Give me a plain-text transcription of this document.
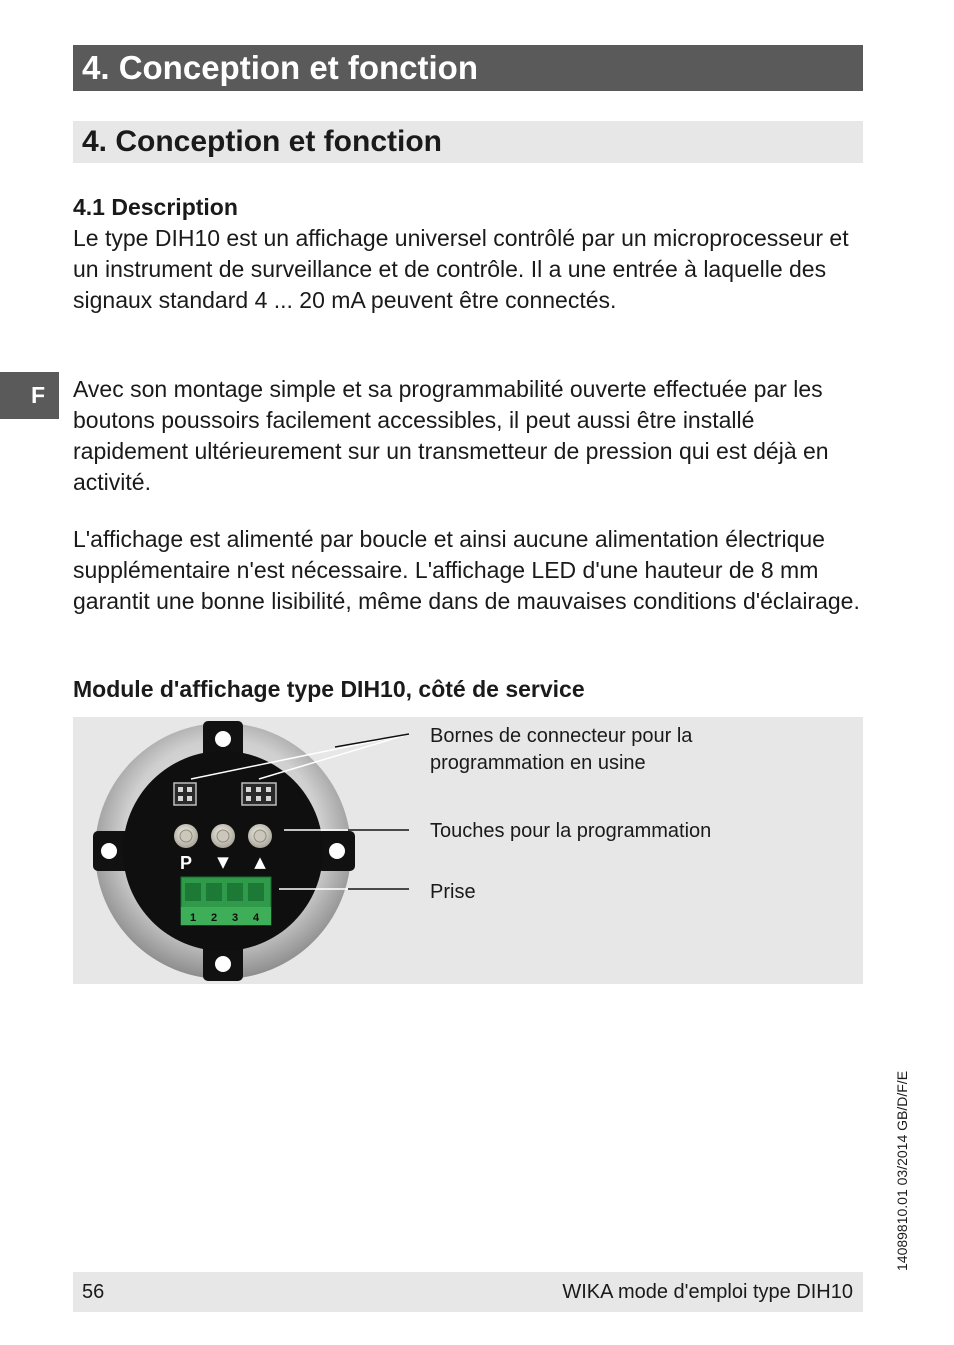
4. Conception et fonction
4. Conception et fonction
F
4.1 Description

Le type DIH10 est un affichage universel contrôlé par un microprocesseur et un instrument de surveillance et de contrôle. Il a une entrée à laquelle des signaux standard 4 ... 20 mA peuvent être connectés.

Avec son montage simple et sa programmabilité ouverte effectuée par les boutons poussoirs facilement accessibles, il peut aussi être installé rapidement ultérieurement sur un transmetteur de pression qui est déjà en activité.

L'affichage est alimenté par boucle et ainsi aucune alimentation électrique supplémentaire n'est nécessaire. L'affichage LED d'une hauteur de 8 mm garantit une bonne lisibilité, même dans de mauvaises conditions d'éclairage.

Module d'affichage type DIH10, côté de service
P ▼ ▲
1 2 3 4
Bornes de connecteur pour la programmation en usine
Touches pour la programmation
Prise
14089810.01 03/2014 GB/D/F/E
56	WIKA mode d'emploi type DIH10
